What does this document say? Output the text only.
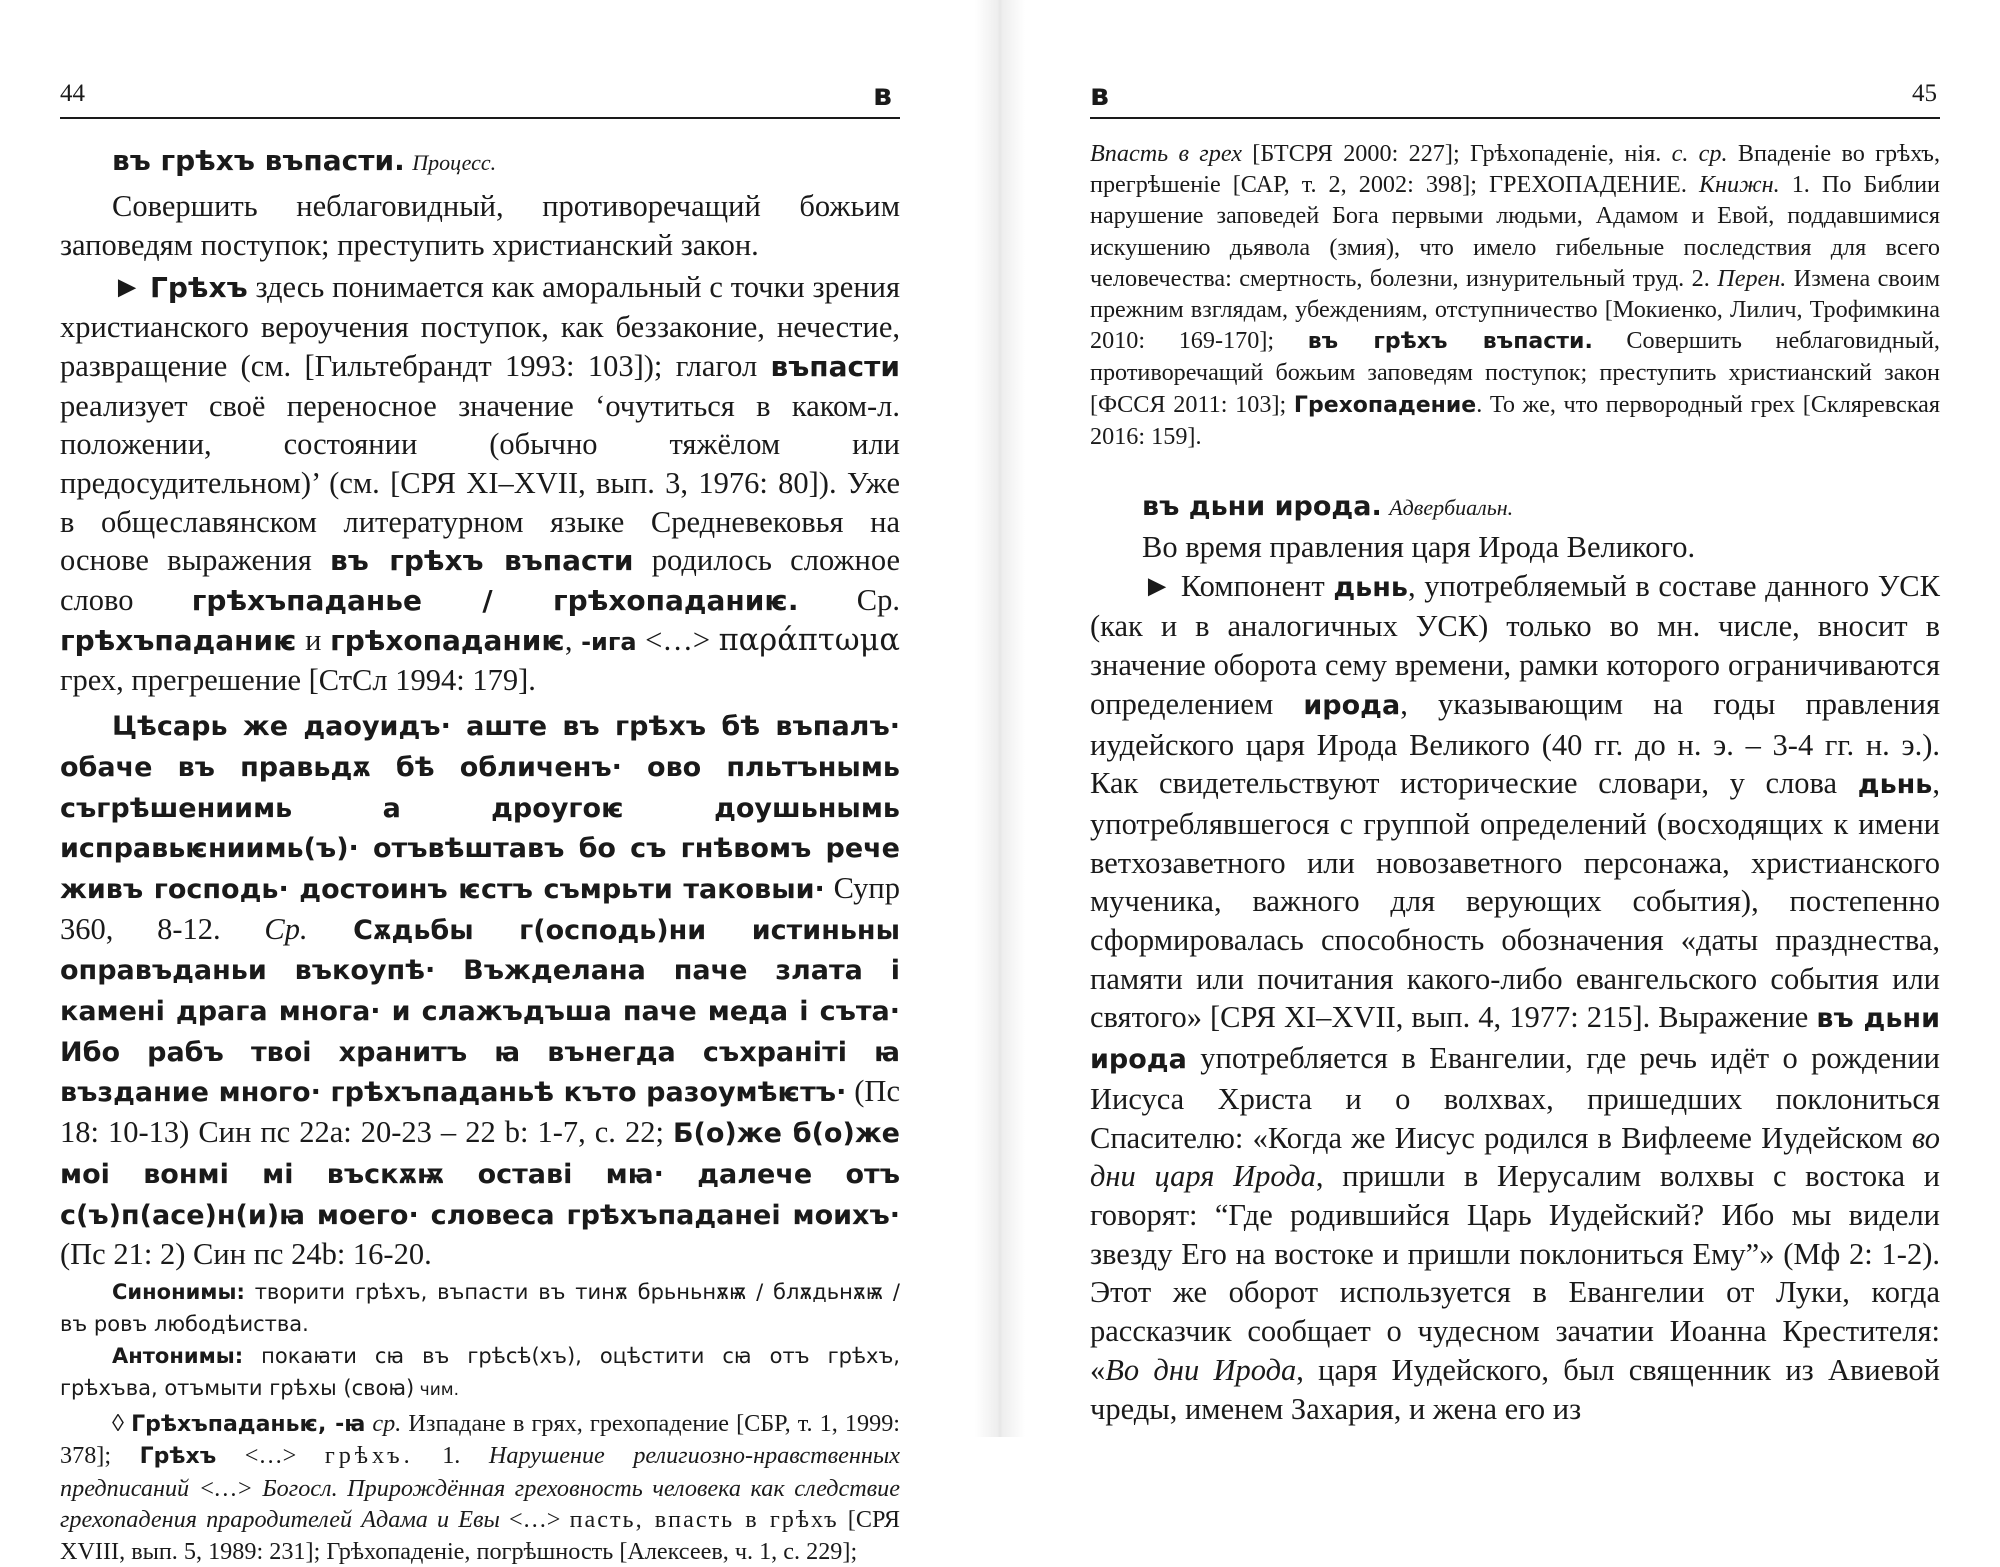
44	в

въ грѣхъ въпасти. Процесс.

Совершить неблаговидный, противоречащий божьим заповедям поступок; преступить христианский закон.

► Грѣхъ здесь понимается как аморальный с точки зрения христианского вероучения поступок, как беззаконие, нечестие, развращение (см. [Гильтебрандт 1993: 103]); глагол въпасти реализует своё переносное значение ‘очутиться в каком-л. положении, состоянии (обычно тяжёлом или предосудительном)’ (см. [СРЯ XI–XVII, вып. 3, 1976: 80]). Уже в общеславянском литературном языке Средневековья на основе выражения въ грѣхъ въпасти родилось сложное слово грѣхъпаданье / грѣхопаданиѥ. Ср. грѣхъпаданиѥ и грѣхопаданиѥ, -ига <…> παράπτωμα грех, прегрешение [СтСл 1994: 179].

Цѣсарь же даоуидъ· аште въ грѣхъ бѣ въпалъ· обаче въ правьдѫ бѣ обличенъ· ово пльтънымь съгрѣшениимь а дроугоѥ доушьнымь исправьѥниимь(ъ)· отъвѣштавъ бо съ гнѣвомъ рече живъ господь· достоинъ ѥстъ съмрьти таковыи· Супр 360, 8-12. Ср. Сѫдьбы г(осподь)ни истиньны оправъданьи въкоупѣ· Въжделана паче злата і камені драга многа· и слажъдъша паче меда і съта· Ибо рабъ твоі хранитъ ꙗ вънегда съхраніті ꙗ въздание много· грѣхъпаданьѣ къто разоумѣѥтъ· (Пс 18: 10-13) Син пс 22а: 20-23 – 22 b: 1-7, с. 22; Б(о)же б(о)же моі вонмі мі въскѫѭ оставі мꙗ· далече отъ с(ъ)п(асе)н(и)ꙗ моего· словеса грѣхъпаданеі моихъ· (Пс 21: 2) Син пс 24b: 16-20.

Синонимы: творити грѣхъ, въпасти въ тинѫ брьньнѫѭ / блѫдьнѫѭ / въ ровъ любодѣиства.

Антонимы: покаꙗти сꙗ въ грѣсѣ(хъ), оцѣстити сꙗ отъ грѣхъ, грѣхъва, отъмыти грѣхы (своꙗ) чим.

◊ Грѣхъпаданьѥ, -ꙗ ср. Изпадане в грях, грехопадение [СБР, т. 1, 1999: 378]; Грѣхъ <…> грѣхъ. 1. Нарушение религиозно-нравственных предписаний <…> Богосл. Прирождённая греховность человека как следствие грехопадения прародителей Адама и Евы <…> пасть, впасть в грѣхъ [СРЯ XVIII, вып. 5, 1989: 231]; Грѣхопаденіе, погрѣшность [Алексеев, ч. 1, с. 229];

в	45

Впасть в грех [БТСРЯ 2000: 227]; Грѣхопаденіе, нія. с. ср. Впаденіе во грѣхъ, прегрѣшеніе [САР, т. 2, 2002: 398]; ГРЕХОПАДЕНИЕ. Книжн. 1. По Библии нарушение заповедей Бога первыми людьми, Адамом и Евой, поддавшимися искушению дьявола (змия), что имело гибельные последствия для всего человечества: смертность, болезни, изнурительный труд. 2. Перен. Измена своим прежним взглядам, убеждениям, отступничество [Мокиенко, Лилич, Трофимкина 2010: 169-170]; въ грѣхъ въпасти. Совершить неблаговидный, противоречащий божьим заповедям поступок; преступить христианский закон [ФССЯ 2011: 103]; Грехопадение. То же, что первородный грех [Скляревская 2016: 159].

въ дьни ирода. Адвербиальн.

Во время правления царя Ирода Великого.

► Компонент дьнь, употребляемый в составе данного УСК (как и в аналогичных УСК) только во мн. числе, вносит в значение оборота сему времени, рамки которого ограничиваются определением ирода, указывающим на годы правления иудейского царя Ирода Великого (40 гг. до н. э. – 3-4 гг. н. э.). Как свидетельствуют исторические словари, у слова дьнь, употреблявшегося с группой определений (восходящих к имени ветхозаветного или новозаветного персонажа, христианского мученика, важного для верующих события), постепенно сформировалась способность обозначения «даты празднества, памяти или почитания какого-либо евангельского события или святого» [СРЯ XI–XVII, вып. 4, 1977: 215]. Выражение въ дьни ирода употребляется в Евангелии, где речь идёт о рождении Иисуса Христа и о волхвах, пришедших поклониться Спасителю: «Когда же Иисус родился в Вифлееме Иудейском во дни царя Ирода, пришли в Иерусалим волхвы с востока и говорят: “Где родившийся Царь Иудейский? Ибо мы видели звезду Его на востоке и пришли поклониться Ему”» (Мф 2: 1-2). Этот же оборот используется в Евангелии от Луки, когда рассказчик сообщает о чудесном зачатии Иоанна Крестителя: «Во дни Ирода, царя Иудейского, был священник из Авиевой чреды, именем Захария, и жена его из
